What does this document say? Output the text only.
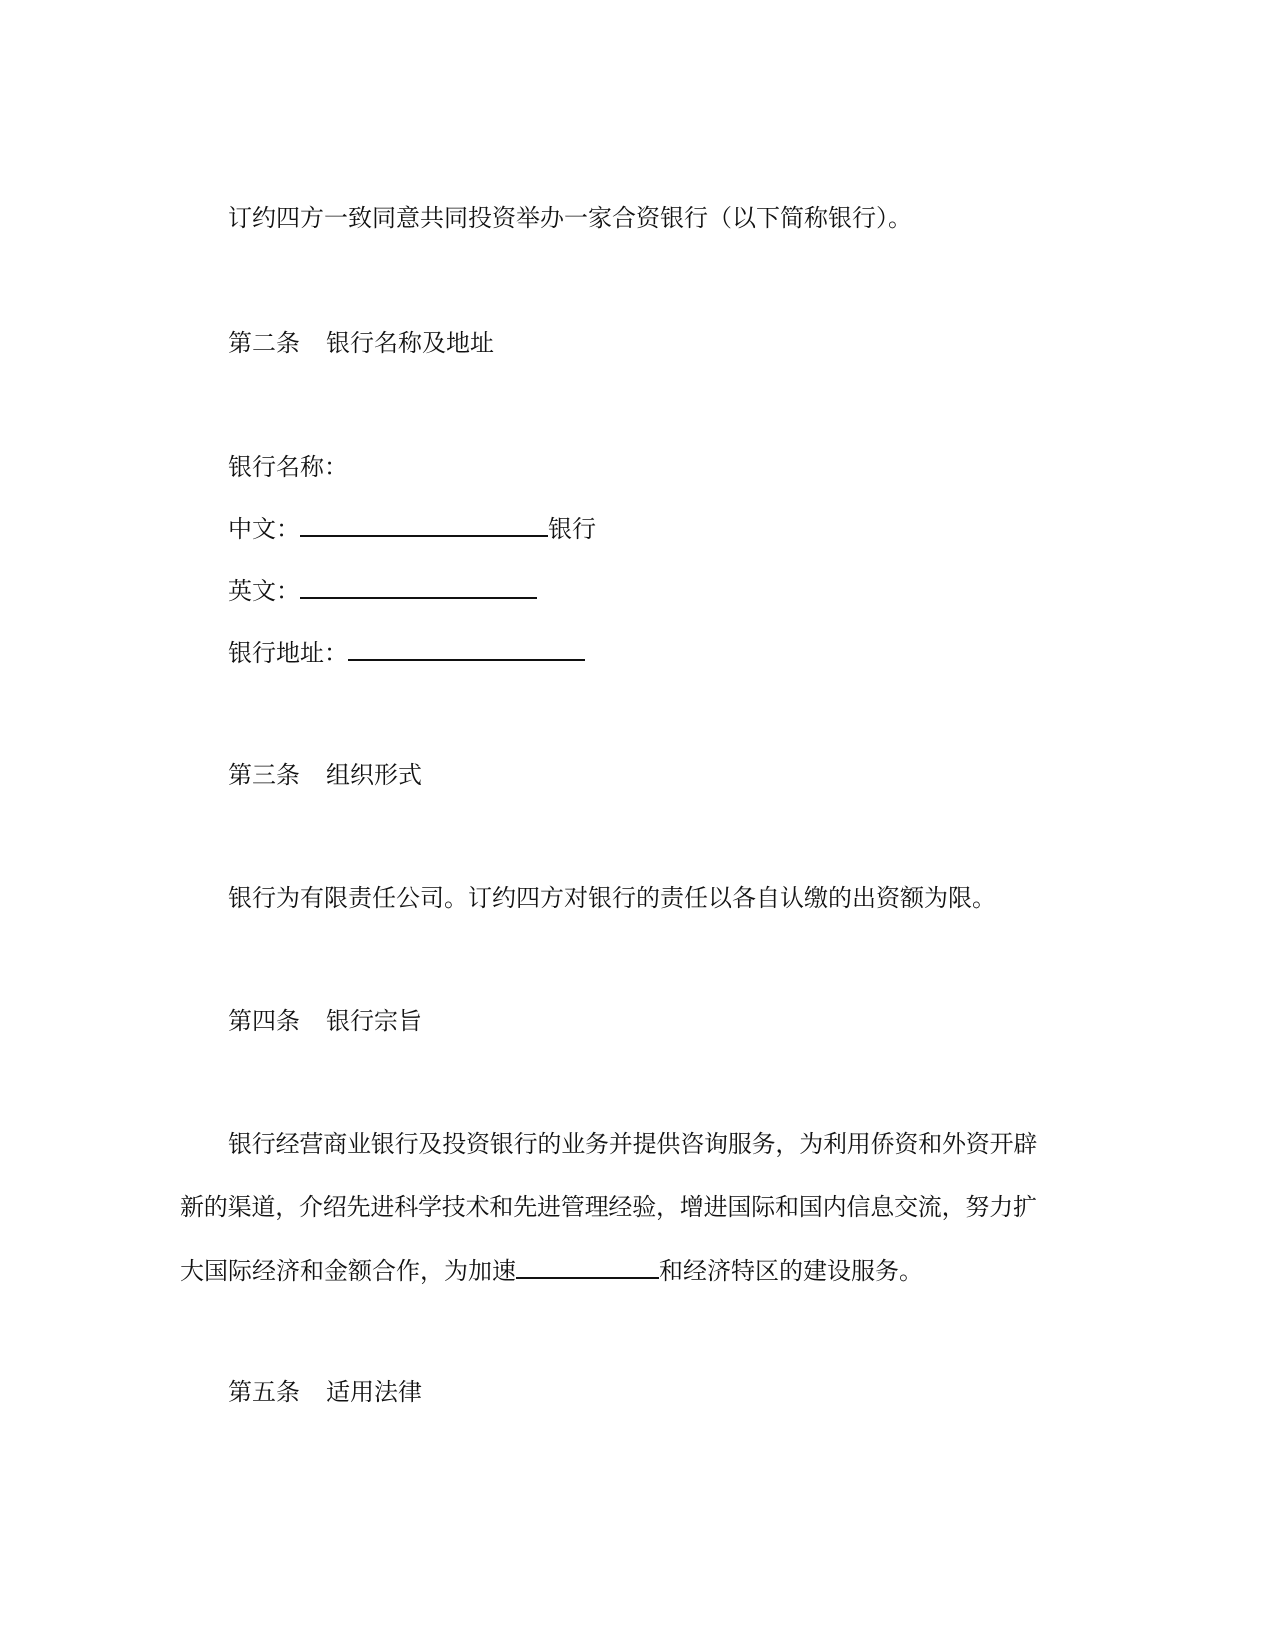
订约四方一致同意共同投资举办一家合资银行（以下简称银行）。
第二条 银行名称及地址
银行名称：
中文：	银行
英文：
银行地址：
第三条 组织形式
银行为有限责任公司。订约四方对银行的责任以各自认缴的出资额为限。
第四条 银行宗旨
银行经营商业银行及投资银行的业务并提供咨询服务，为利用侨资和外资开辟
新的渠道，介绍先进科学技术和先进管理经验，增进国际和国内信息交流，努力扩
大国际经济和金额合作，为加速	和经济特区的建设服务。
第五条 适用法律
